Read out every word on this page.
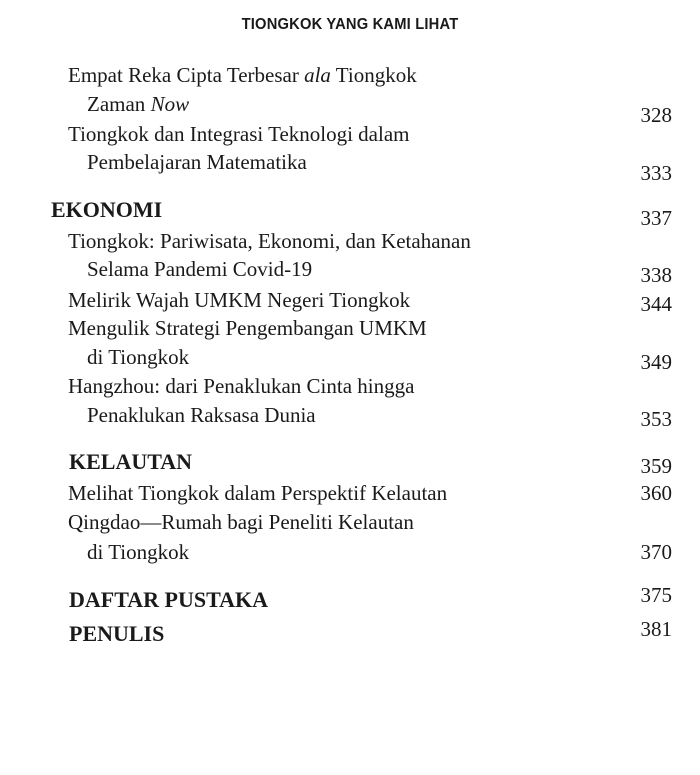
TIONGKOK YANG KAMI LIHAT
Empat Reka Cipta Terbesar ala Tiongkok
Zaman Now	328
Tiongkok dan Integrasi Teknologi dalam
Pembelajaran Matematika	333
EKONOMI	337
Tiongkok: Pariwisata, Ekonomi, dan Ketahanan
Selama Pandemi Covid-19	338
Melirik Wajah UMKM Negeri Tiongkok	344
Mengulik Strategi Pengembangan UMKM
di Tiongkok	349
Hangzhou: dari Penaklukan Cinta hingga
Penaklukan Raksasa Dunia	353
KELAUTAN	359
Melihat Tiongkok dalam Perspektif Kelautan	360
Qingdao—Rumah bagi Peneliti Kelautan
di Tiongkok	370
DAFTAR PUSTAKA	375
PENULIS	381
